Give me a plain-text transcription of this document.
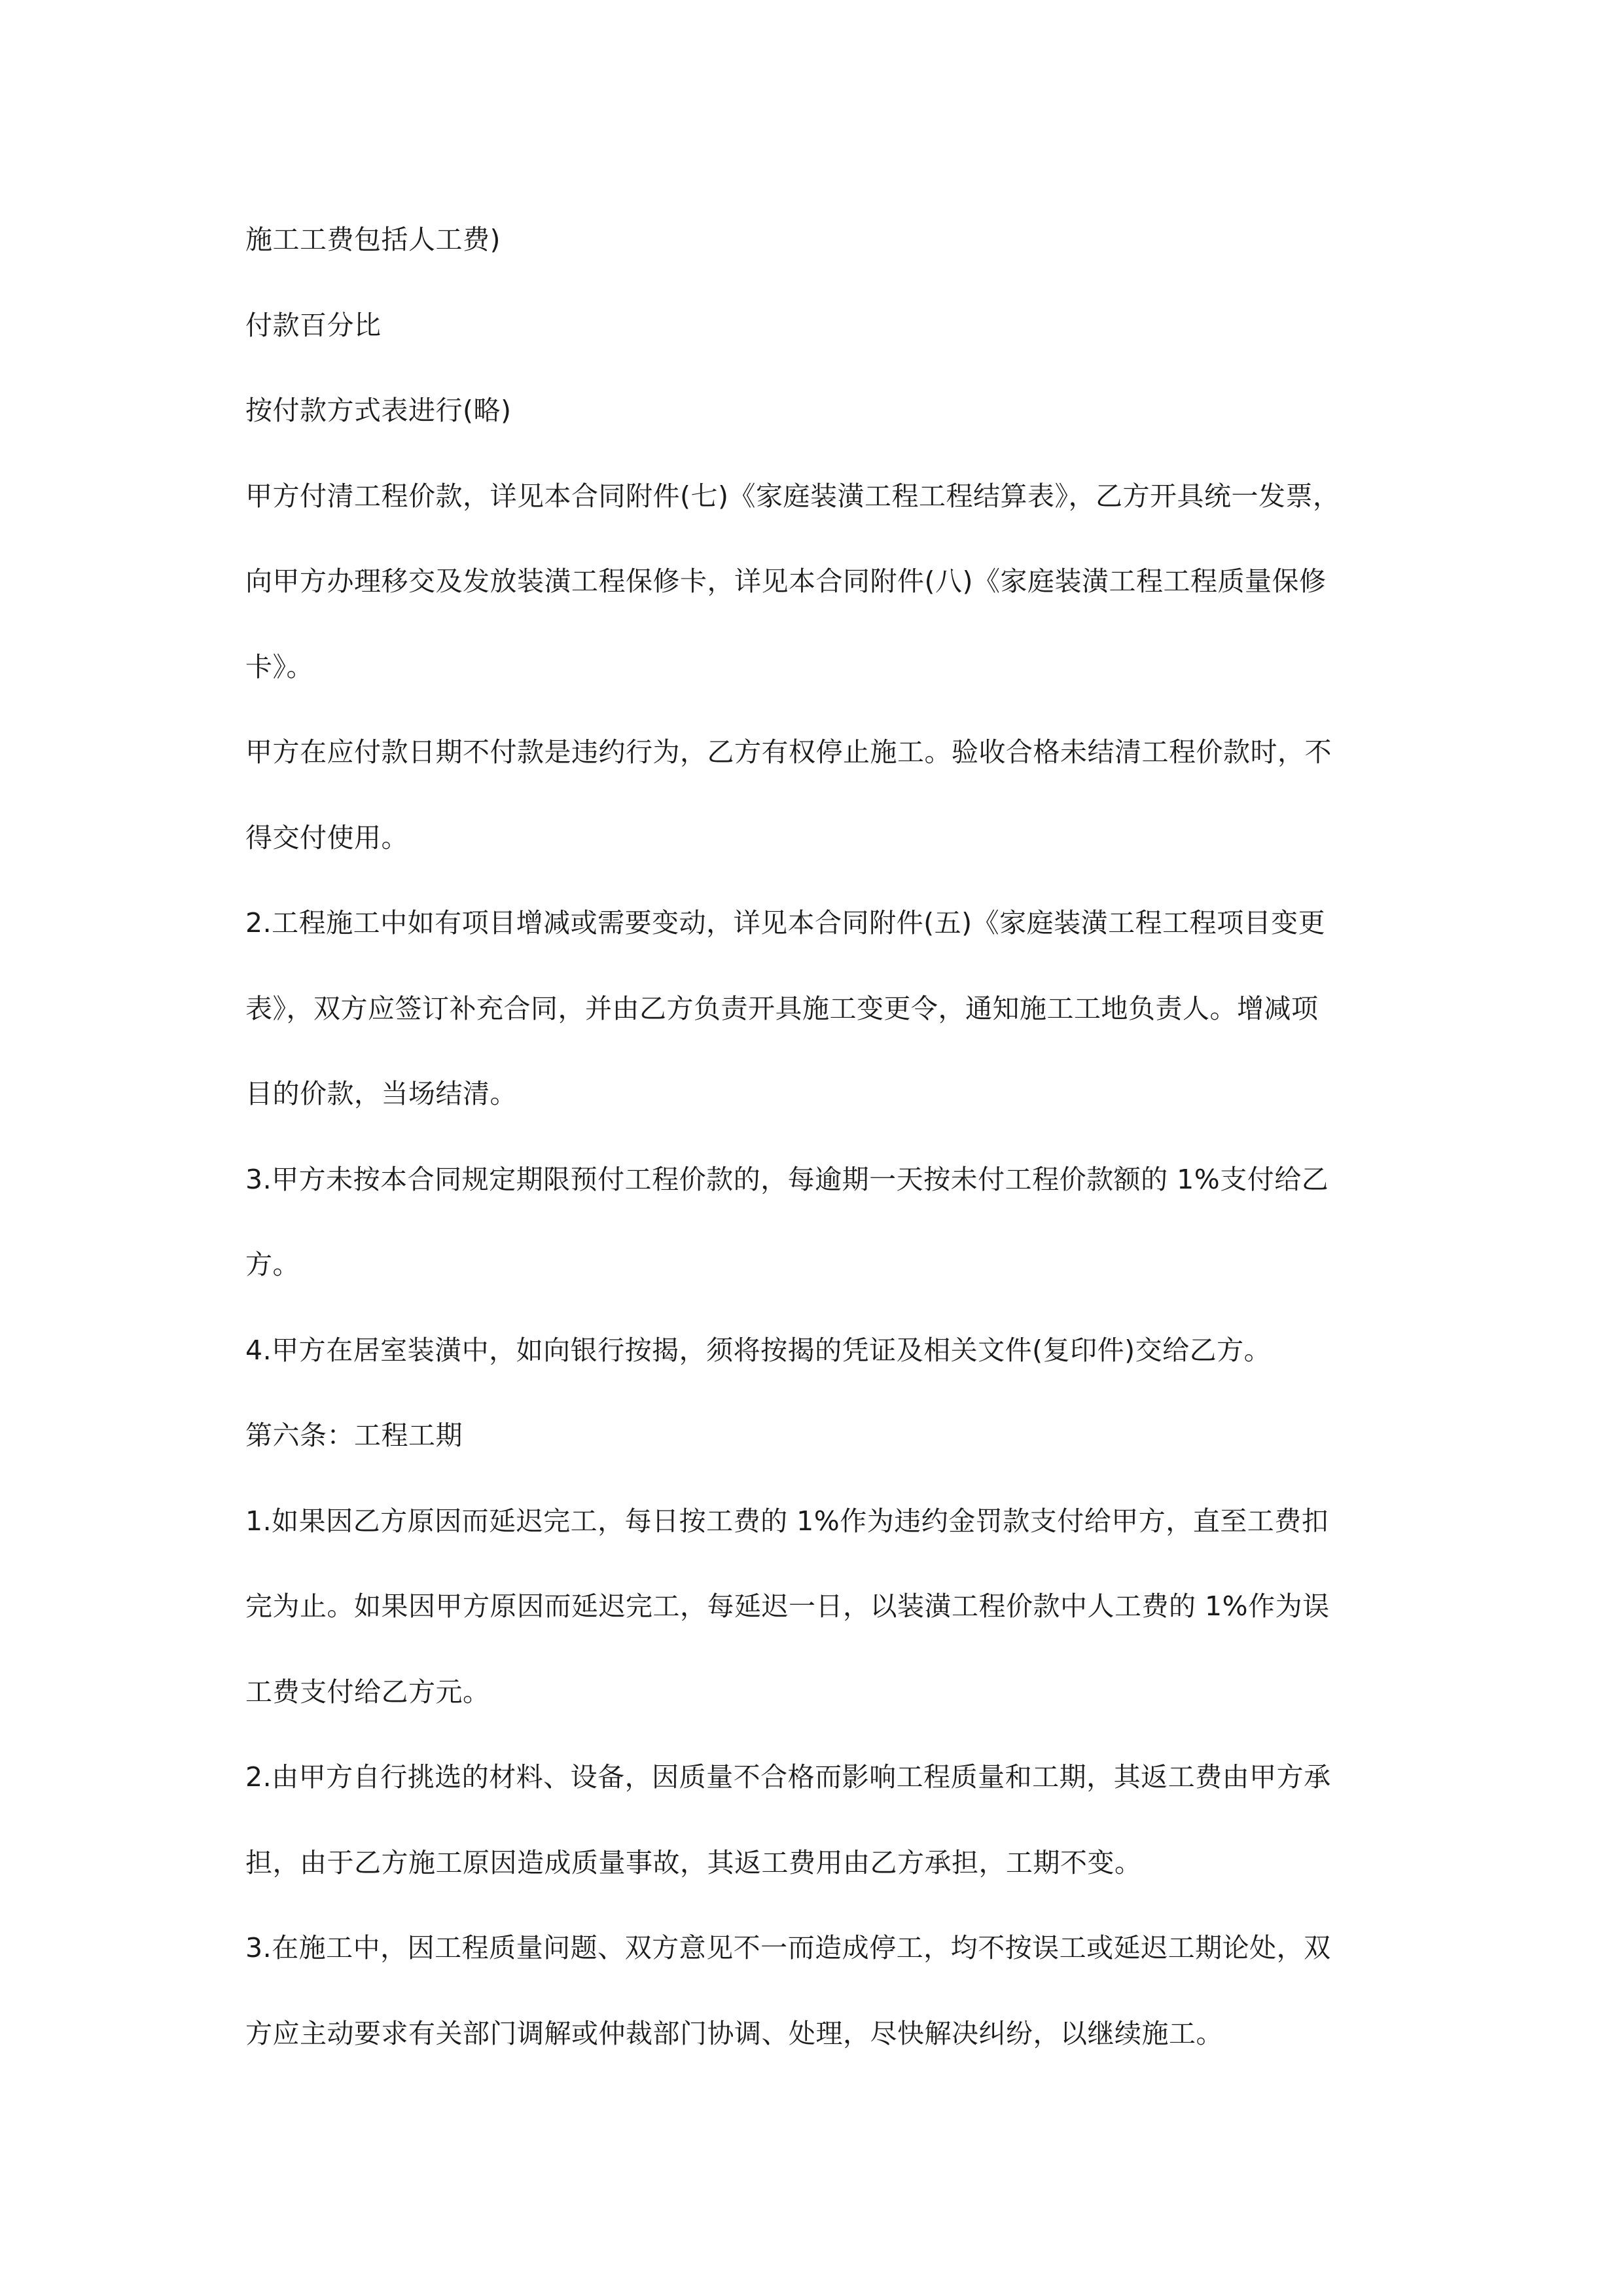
施工工费包括人工费)
付款百分比
按付款方式表进行(略)
甲方付清工程价款，详见本合同附件(七)《家庭装潢工程工程结算表》，乙方开具统一发票，
向甲方办理移交及发放装潢工程保修卡，详见本合同附件(八)《家庭装潢工程工程质量保修
卡》。
甲方在应付款日期不付款是违约行为，乙方有权停止施工。验收合格未结清工程价款时，不
得交付使用。
2.工程施工中如有项目增减或需要变动，详见本合同附件(五)《家庭装潢工程工程项目变更
表》，双方应签订补充合同，并由乙方负责开具施工变更令，通知施工工地负责人。增减项
目的价款，当场结清。
3.甲方未按本合同规定期限预付工程价款的，每逾期一天按未付工程价款额的 1%支付给乙
方。
4.甲方在居室装潢中，如向银行按揭，须将按揭的凭证及相关文件(复印件)交给乙方。
第六条：工程工期
1.如果因乙方原因而延迟完工，每日按工费的 1%作为违约金罚款支付给甲方，直至工费扣
完为止。如果因甲方原因而延迟完工，每延迟一日，以装潢工程价款中人工费的 1%作为误
工费支付给乙方元。
2.由甲方自行挑选的材料、设备，因质量不合格而影响工程质量和工期，其返工费由甲方承
担，由于乙方施工原因造成质量事故，其返工费用由乙方承担，工期不变。
3.在施工中，因工程质量问题、双方意见不一而造成停工，均不按误工或延迟工期论处，双
方应主动要求有关部门调解或仲裁部门协调、处理，尽快解决纠纷，以继续施工。
